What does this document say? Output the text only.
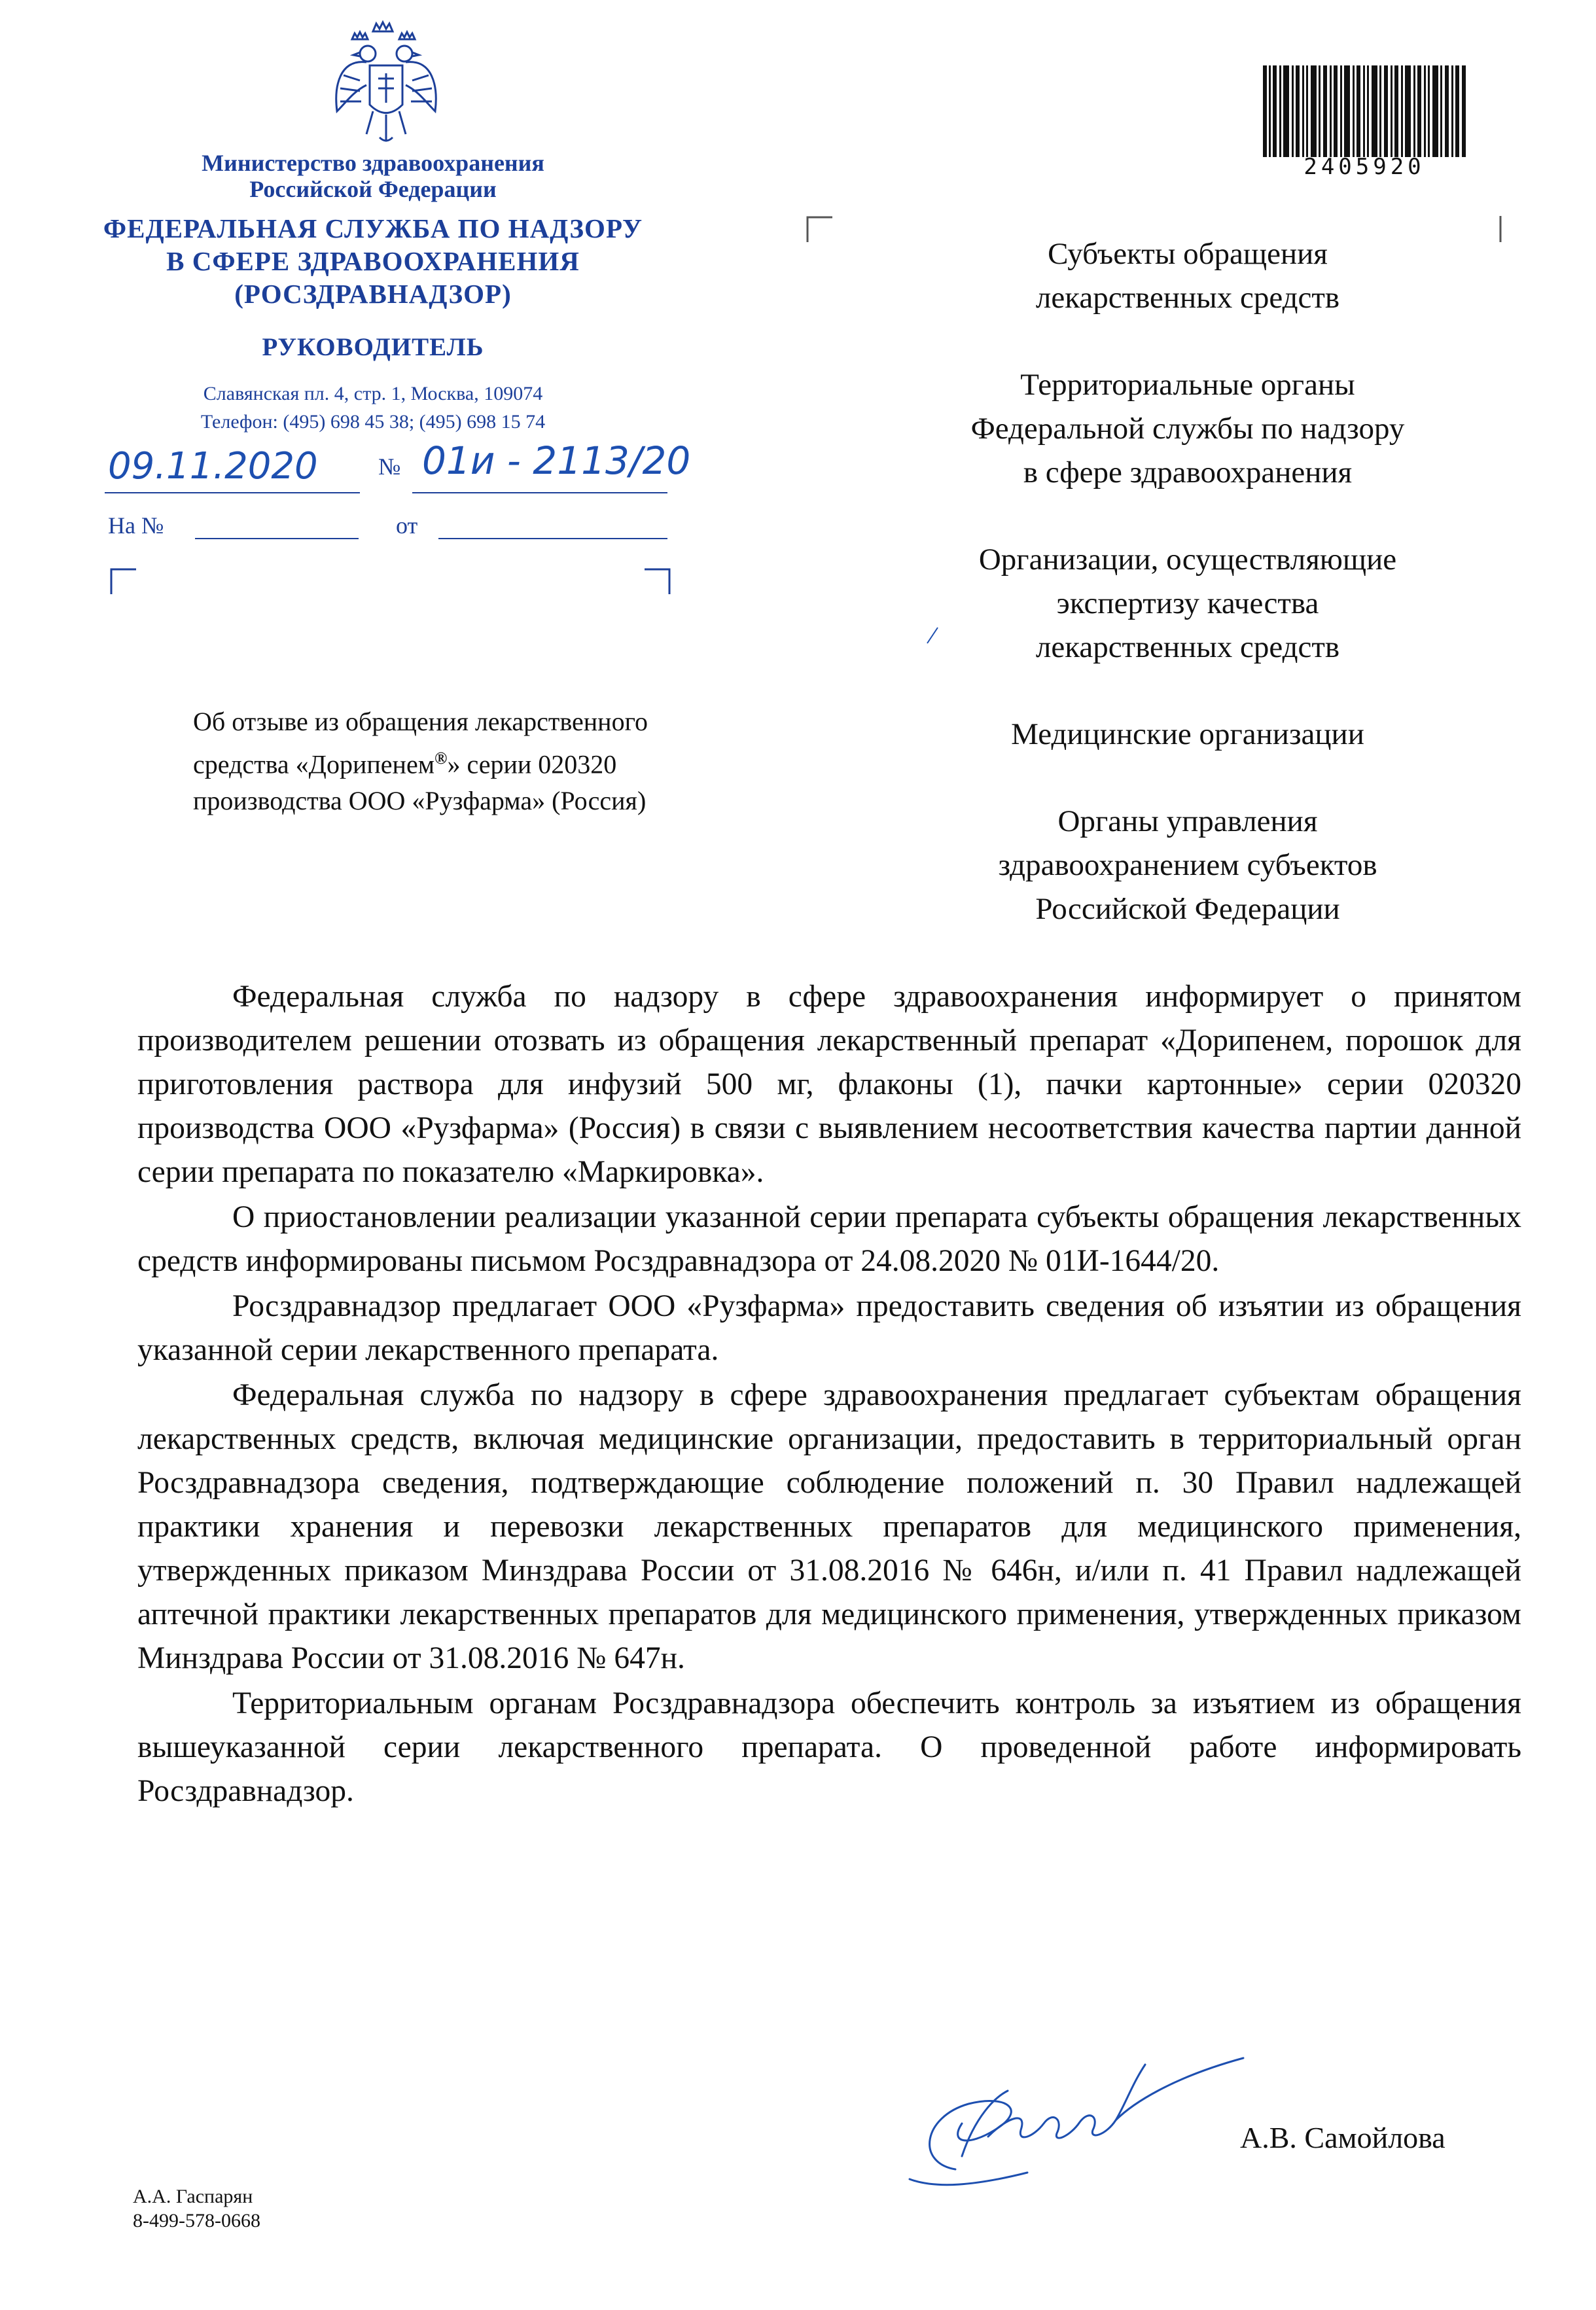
Министерство здравоохранения
Российской Федерации
ФЕДЕРАЛЬНАЯ СЛУЖБА ПО НАДЗОРУ
В СФЕРЕ ЗДРАВООХРАНЕНИЯ
(РОСЗДРАВНАДЗОР)
РУКОВОДИТЕЛЬ
Славянская пл. 4, стр. 1, Москва, 109074
Телефон: (495) 698 45 38; (495) 698 15 74
09.11.2020	№ 01и - 2113/20
На №	от
Об отзыве из обращения лекарственного
средства «Дорипенем®» серии 020320
производства ООО «Рузфарма» (Россия)
2405920
Субъекты обращения
лекарственных средств
Территориальные органы
Федеральной службы по надзору
в сфере здравоохранения
Организации, осуществляющие
экспертизу качества
лекарственных средств
Медицинские организации
Органы управления
здравоохранением субъектов
Российской Федерации

Федеральная служба по надзору в сфере здравоохранения информирует о принятом производителем решении отозвать из обращения лекарственный препарат «Дорипенем, порошок для приготовления раствора для инфузий 500 мг, флаконы (1), пачки картонные» серии 020320 производства ООО «Рузфарма» (Россия) в связи с выявлением несоответствия качества партии данной серии препарата по показателю «Маркировка».

О приостановлении реализации указанной серии препарата субъекты обращения лекарственных средств информированы письмом Росздравнадзора от 24.08.2020 № 01И-1644/20.

Росздравнадзор предлагает ООО «Рузфарма» предоставить сведения об изъятии из обращения указанной серии лекарственного препарата.

Федеральная служба по надзору в сфере здравоохранения предлагает субъектам обращения лекарственных средств, включая медицинские организации, предоставить в территориальный орган Росздравнадзора сведения, подтверждающие соблюдение положений п. 30 Правил надлежащей практики хранения и перевозки лекарственных препаратов для медицинского применения, утвержденных приказом Минздрава России от 31.08.2016 № 646н, и/или п. 41 Правил надлежащей аптечной практики лекарственных препаратов для медицинского применения, утвержденных приказом Минздрава России от 31.08.2016 № 647н.

Территориальным органам Росздравнадзора обеспечить контроль за изъятием из обращения вышеуказанной серии лекарственного препарата. О проведенной работе информировать Росздравнадзор.

А.В. Самойлова
А.А. Гаспарян
8-499-578-0668
